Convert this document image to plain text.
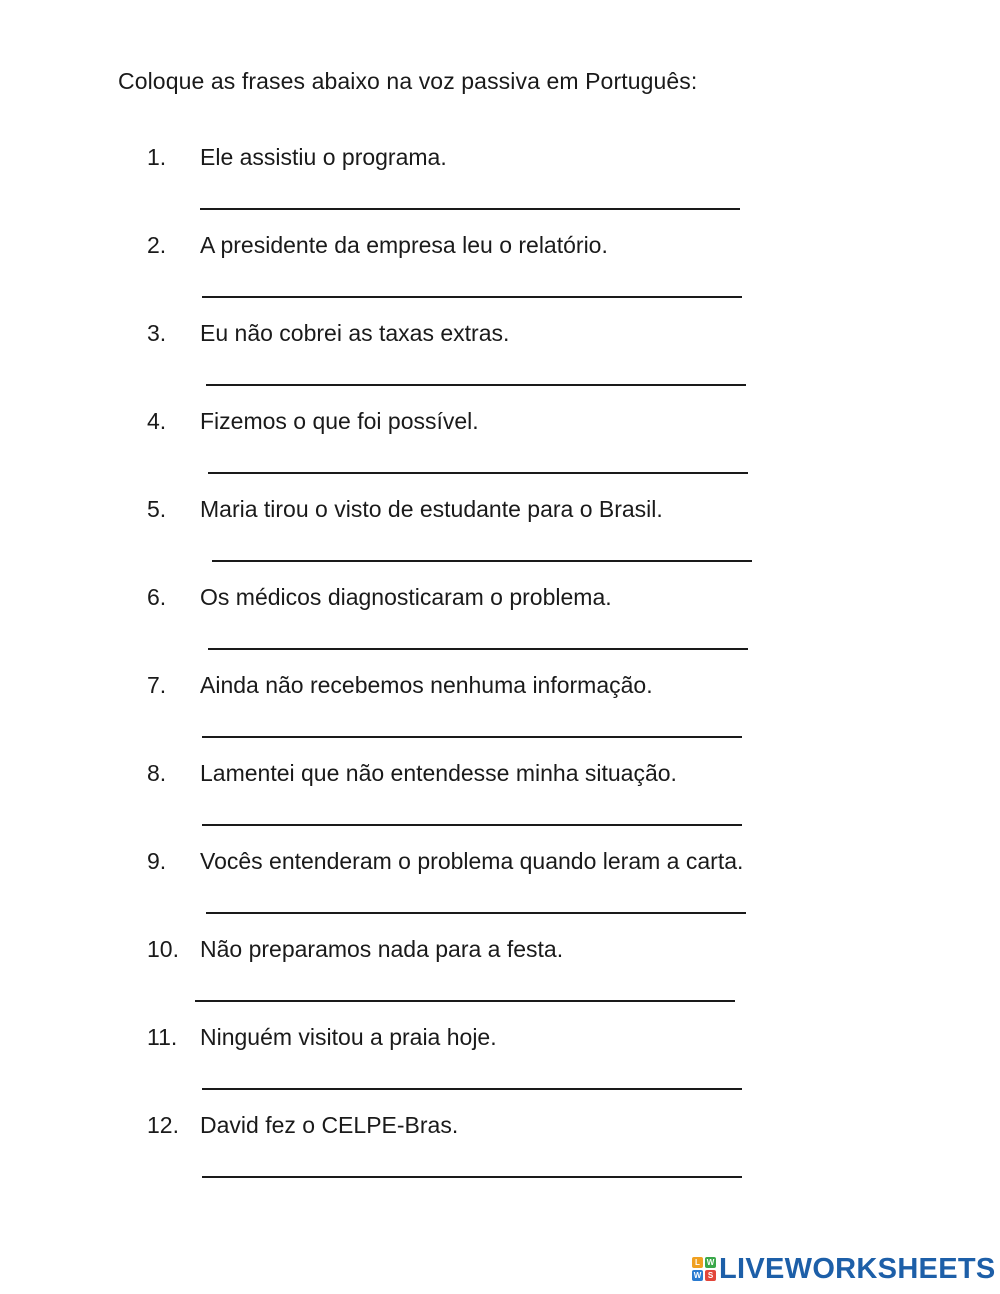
Coloque as frases abaixo na voz passiva em Português:
1. Ele assistiu o programa.
2. A presidente da empresa leu o relatório.
3. Eu não cobrei as taxas extras.
4. Fizemos o que foi possível.
5. Maria tirou o visto de estudante para o Brasil.
6. Os médicos diagnosticaram o problema.
7. Ainda não recebemos nenhuma informação.
8. Lamentei que não entendesse minha situação.
9. Vocês entenderam o problema quando leram a carta.
10. Não preparamos nada para a festa.
11. Ninguém visitou a praia hoje.
12. David fez o CELPE-Bras.
L W
W S LIVEWORKSHEETS
